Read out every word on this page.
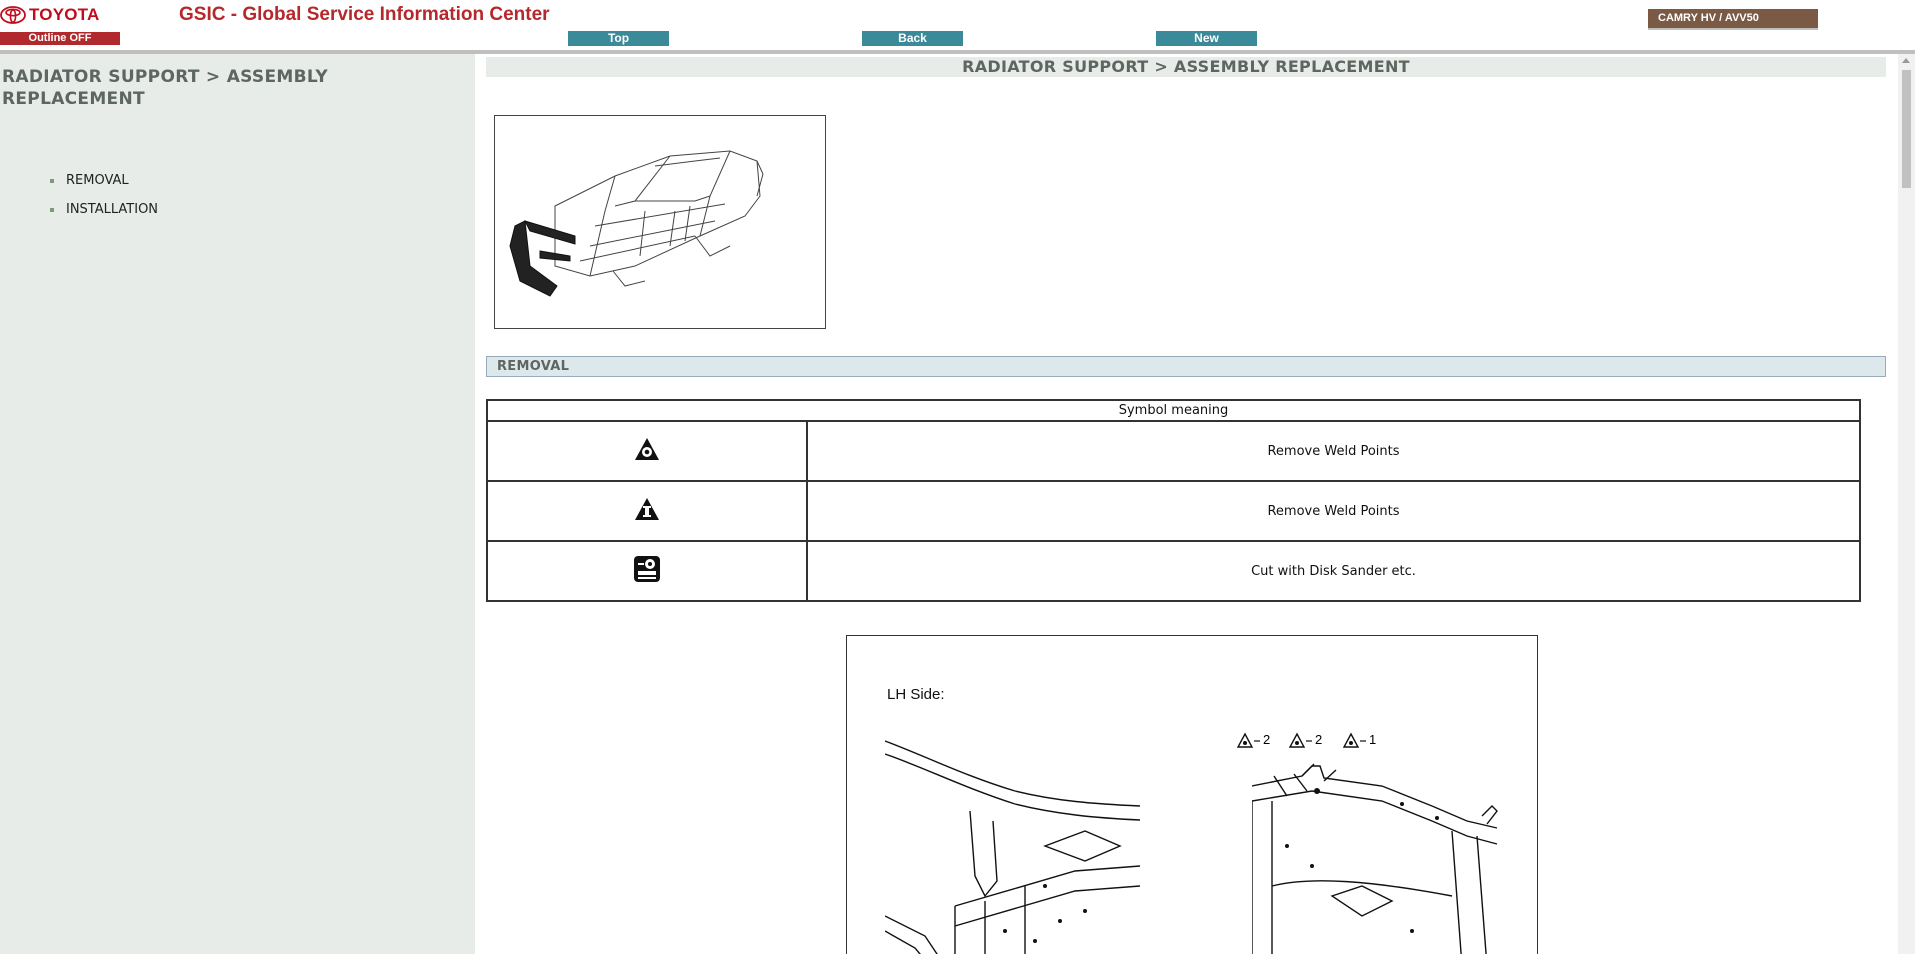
TOYOTA	GSIC - Global Service Information Center
Outline OFF	Top	Back	New
CAMRY HV / AVV50
RADIATOR SUPPORT > ASSEMBLY REPLACEMENT
REMOVAL
INSTALLATION
RADIATOR SUPPORT > ASSEMBLY REPLACEMENT
REMOVAL
Symbol meaning	
	Remove Weld Points
	Remove Weld Points
	Cut with Disk Sander etc.
LH Side:
2	2	1
